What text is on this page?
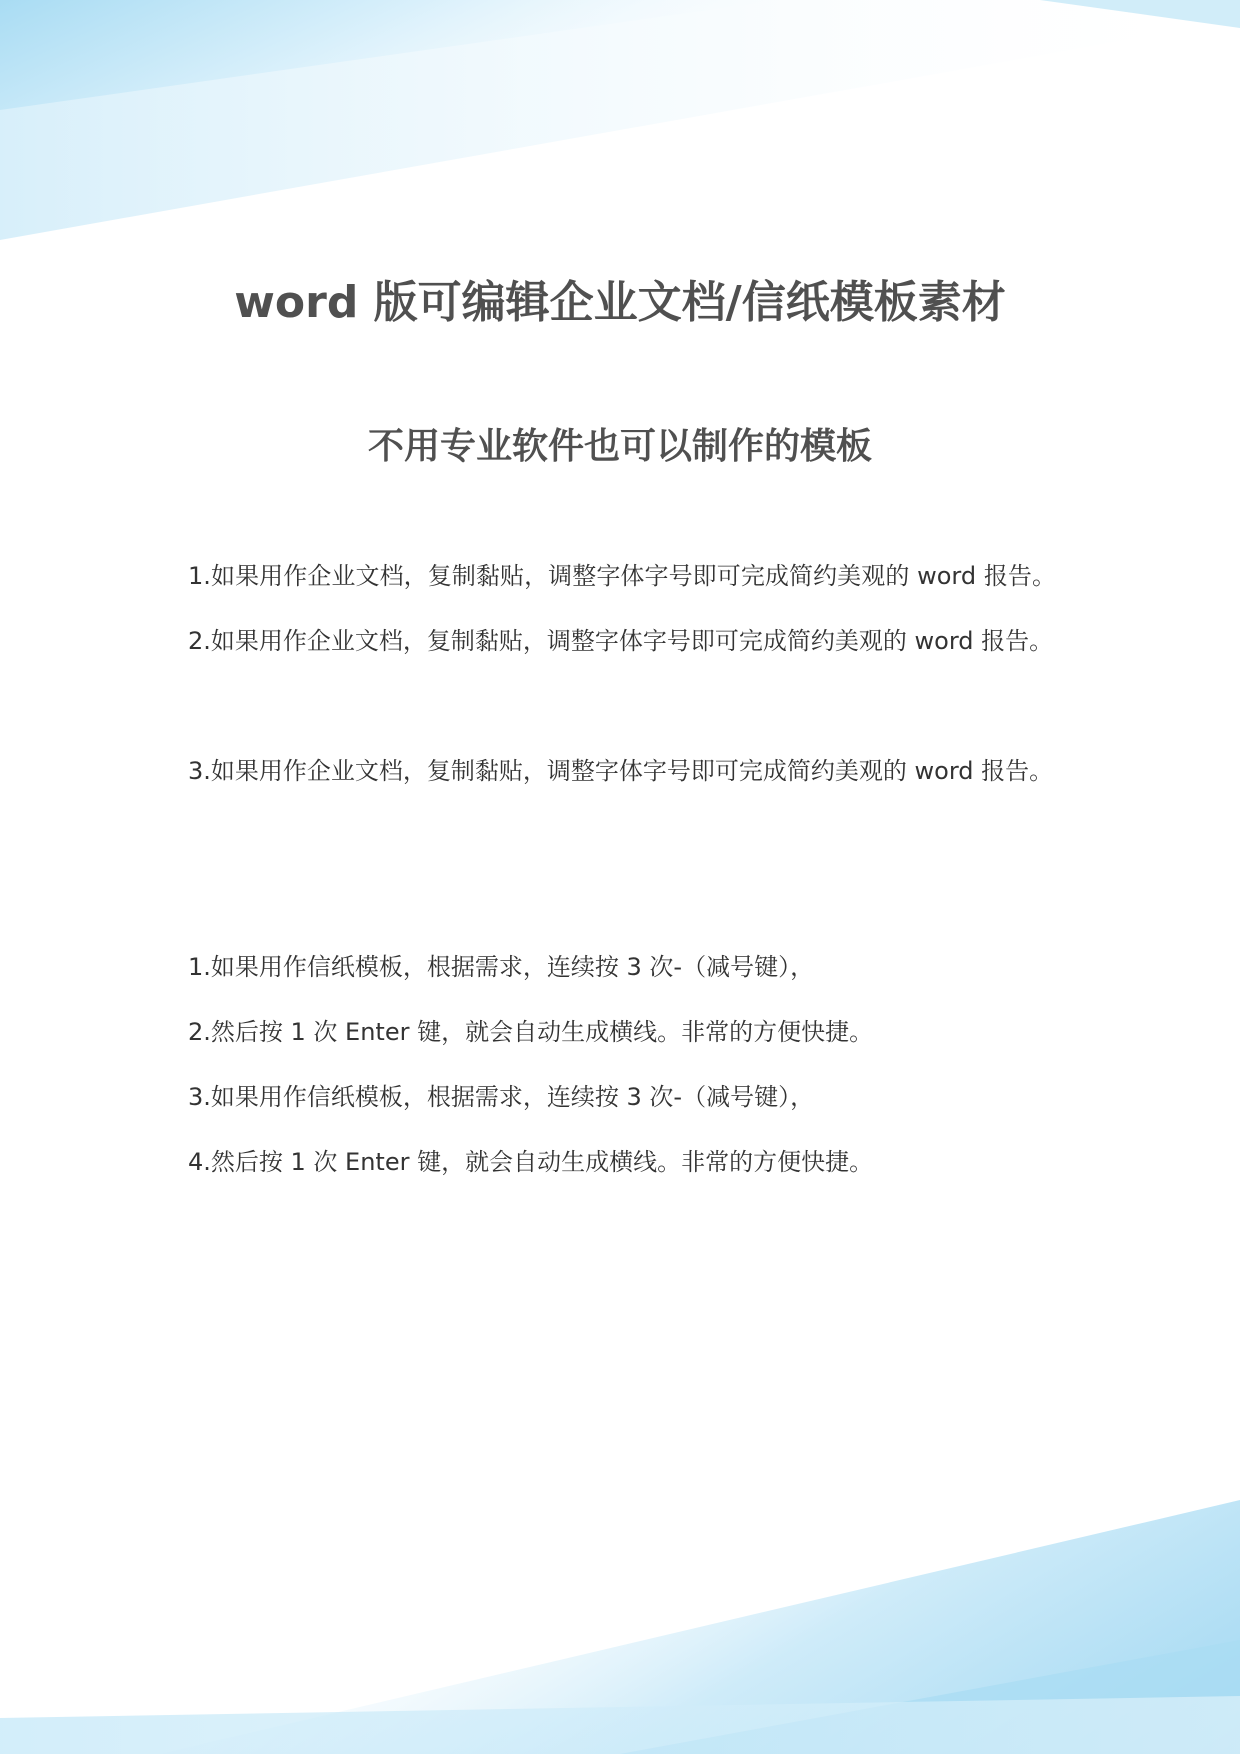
word 版可编辑企业文档/信纸模板素材
不用专业软件也可以制作的模板

1.如果用作企业文档，复制黏贴，调整字体字号即可完成简约美观的 word 报告。2.如果用作企业文档，复制黏贴，调整字体字号即可完成简约美观的 word 报告。

3.如果用作企业文档，复制黏贴，调整字体字号即可完成简约美观的 word 报告。

1.如果用作信纸模板，根据需求，连续按 3 次-（减号键），

2.然后按 1 次 Enter 键，就会自动生成横线。非常的方便快捷。

3.如果用作信纸模板，根据需求，连续按 3 次-（减号键），

4.然后按 1 次 Enter 键，就会自动生成横线。非常的方便快捷。
